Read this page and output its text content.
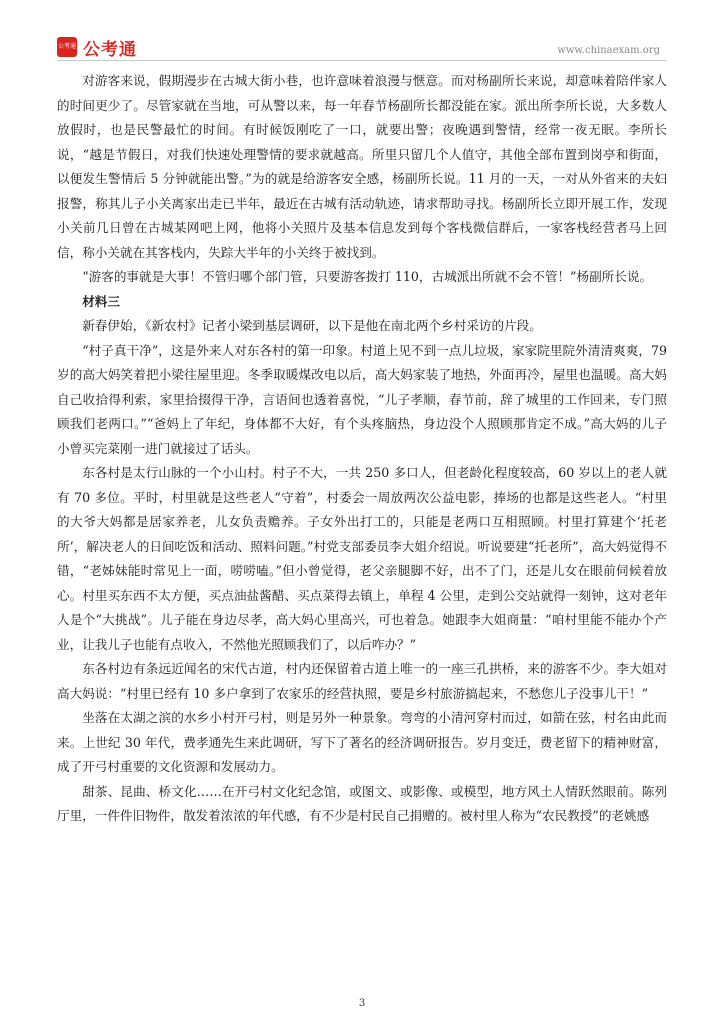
公考通 公考通	www.chinaexam.org

对游客来说，假期漫步在古城大街小巷，也许意味着浪漫与惬意。而对杨副所长来说，却意味着陪伴家人的时间更少了。尽管家就在当地，可从警以来，每一年春节杨副所长都没能在家。派出所李所长说，大多数人放假时，也是民警最忙的时间。有时候饭刚吃了一口，就要出警；夜晚遇到警情，经常一夜无眠。李所长说，“越是节假日，对我们快速处理警情的要求就越高。所里只留几个人值守，其他全部布置到岗亭和街面，以便发生警情后 5 分钟就能出警。”为的就是给游客安全感，杨副所长说。11 月的一天，一对从外省来的夫妇报警，称其儿子小关离家出走已半年，最近在古城有活动轨迹，请求帮助寻找。杨副所长立即开展工作，发现小关前几日曾在古城某网吧上网，他将小关照片及基本信息发到每个客栈微信群后，一家客栈经营者马上回信，称小关就在其客栈内，失踪大半年的小关终于被找到。

“游客的事就是大事！不管归哪个部门管，只要游客拨打 110，古城派出所就不会不管！”杨副所长说。

材料三

新春伊始，《新农村》记者小梁到基层调研，以下是他在南北两个乡村采访的片段。

“村子真干净”，这是外来人对东各村的第一印象。村道上见不到一点儿垃圾，家家院里院外清清爽爽，79 岁的高大妈笑着把小梁往屋里迎。冬季取暖煤改电以后，高大妈家装了地热，外面再冷，屋里也温暖。高大妈自己收拾得利索，家里拾掇得干净，言语间也透着喜悦，“儿子孝顺，春节前，辞了城里的工作回来，专门照顾我们老两口。”“爸妈上了年纪，身体都不大好，有个头疼脑热，身边没个人照顾那肯定不成。”高大妈的儿子小曾买完菜刚一进门就接过了话头。

东各村是太行山脉的一个小山村。村子不大，一共 250 多口人，但老龄化程度较高，60 岁以上的老人就有 70 多位。平时，村里就是这些老人“守着”，村委会一周放两次公益电影，捧场的也都是这些老人。“村里的大爷大妈都是居家养老，儿女负责赡养。子女外出打工的，只能是老两口互相照顾。村里打算建个‘托老所’，解决老人的日间吃饭和活动、照料问题。”村党支部委员李大姐介绍说。听说要建“托老所”，高大妈觉得不错，“老姊妹能时常见上一面，唠唠嗑。”但小曾觉得，老父亲腿脚不好，出不了门，还是儿女在眼前伺候着放心。村里买东西不太方便，买点油盐酱醋、买点菜得去镇上，单程 4 公里，走到公交站就得一刻钟，这对老年人是个“大挑战”。儿子能在身边尽孝，高大妈心里高兴，可也着急。她跟李大姐商量：“咱村里能不能办个产业，让我儿子也能有点收入，不然他光照顾我们了，以后咋办？”

东各村边有条远近闻名的宋代古道，村内还保留着古道上唯一的一座三孔拱桥，来的游客不少。李大姐对高大妈说：“村里已经有 10 多户拿到了农家乐的经营执照，要是乡村旅游搞起来，不愁您儿子没事儿干！”

坐落在太湖之滨的水乡小村开弓村，则是另外一种景象。弯弯的小清河穿村而过，如箭在弦，村名由此而来。上世纪 30 年代，费孝通先生来此调研，写下了著名的经济调研报告。岁月变迁，费老留下的精神财富，成了开弓村重要的文化资源和发展动力。

甜茶、昆曲、桥文化……在开弓村文化纪念馆，或图文、或影像、或模型，地方风土人情跃然眼前。陈列厅里，一件件旧物件，散发着浓浓的年代感，有不少是村民自己捐赠的。被村里人称为“农民教授”的老姚感

3
